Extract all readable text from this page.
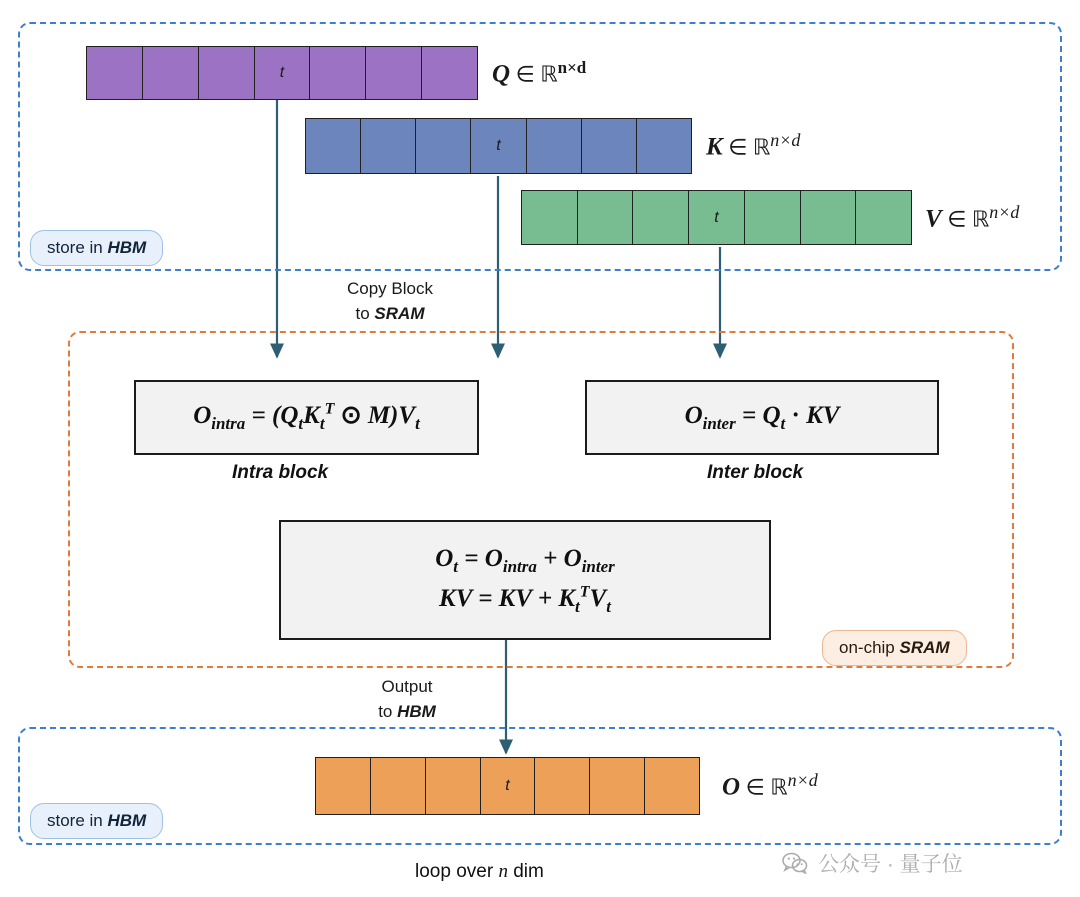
store in HBM
t	Q ∈ ℝ$^{n\times d}$
t	K ∈ ℝ$^{n\times d}$
t	V ∈ ℝ$^{n\times d}$
Copy Block
to SRAM
on-chip SRAM
$O_{intra} = (Q_tK_t^T$ ⊙ $M)V_t$
Intra block
$O_{inter} = Q_t$ · KV
Inter block
$O_t = O_{intra} + O_{inter}$
KV = KV + $K_t^TV_t$
Output
to HBM
store in HBM
t	O ∈ ℝ$^{n\times d}$
loop over n dim	公众号 · 量子位
